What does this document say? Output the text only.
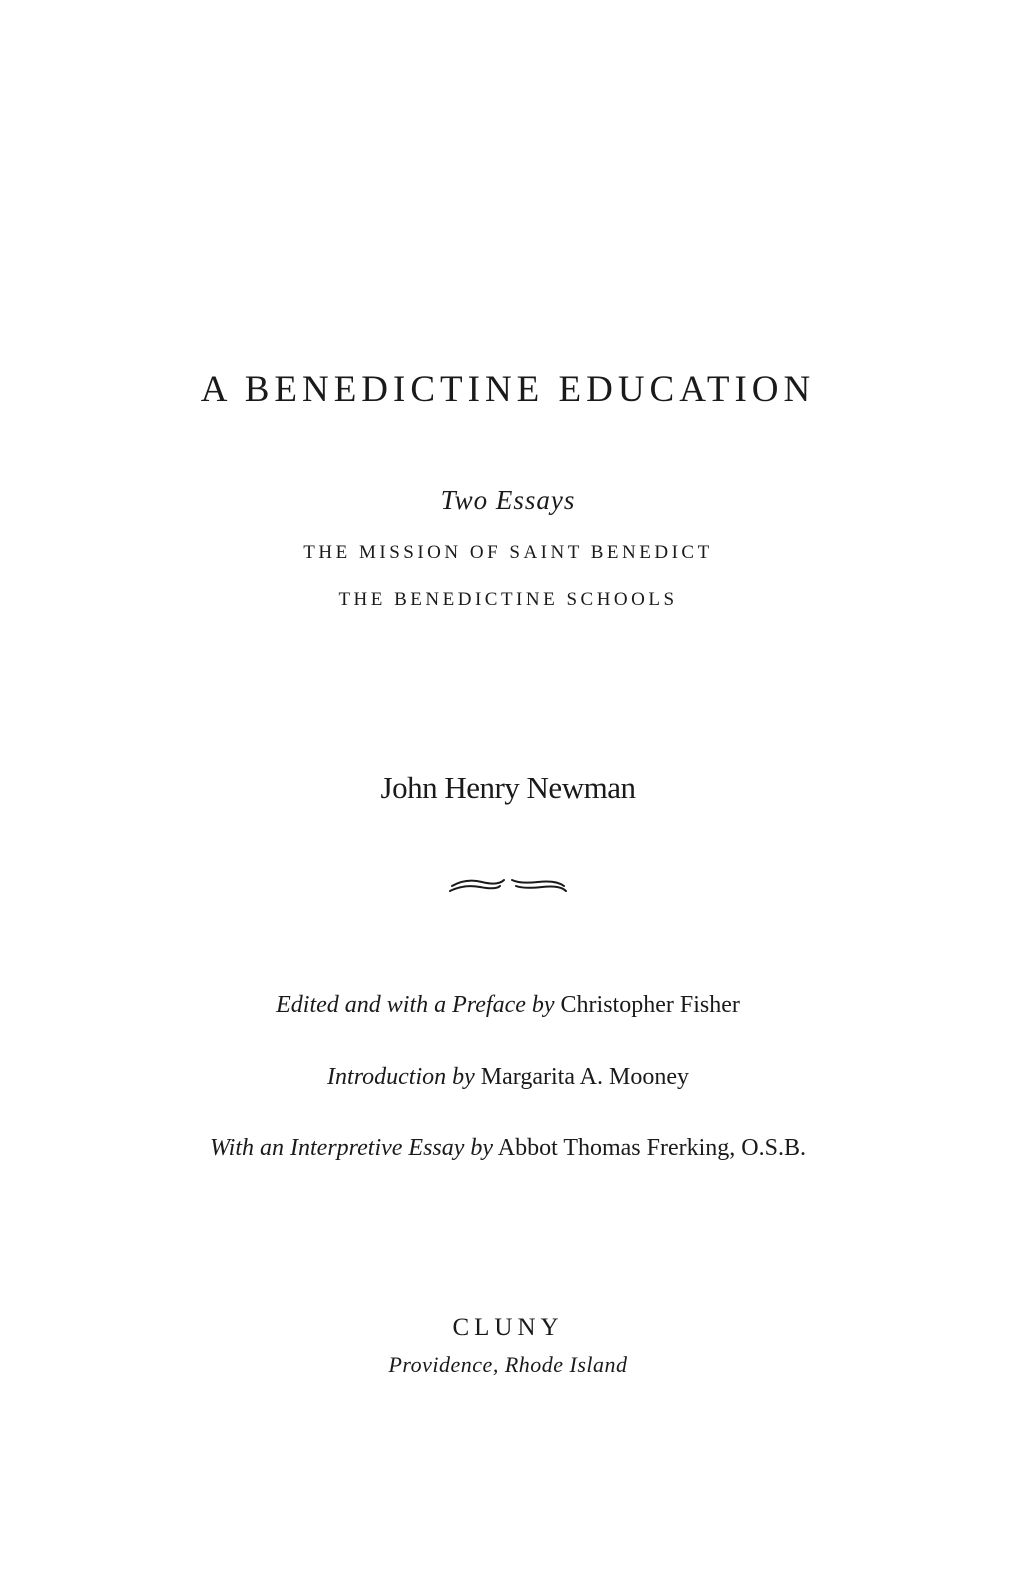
A BENEDICTINE EDUCATION
Two Essays
THE MISSION OF SAINT BENEDICT
THE BENEDICTINE SCHOOLS
John Henry Newman
Edited and with a Preface by Christopher Fisher
Introduction by Margarita A. Mooney
With an Interpretive Essay by Abbot Thomas Frerking, O.S.B.
CLUNY
Providence, Rhode Island
